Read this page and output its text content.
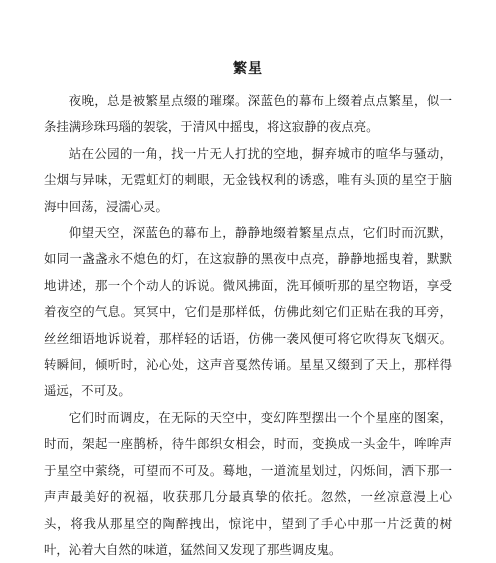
繁星

夜晚，总是被繁星点缀的璀璨。深蓝色的幕布上缀着点点繁星，似一条挂满珍珠玛瑙的袈裟，于清风中摇曳，将这寂静的夜点亮。

站在公园的一角，找一片无人打扰的空地，摒弃城市的喧华与骚动，尘烟与异味，无霓虹灯的刺眼，无金钱权利的诱惑，唯有头顶的星空于脑海中回荡，浸濡心灵。

仰望天空，深蓝色的幕布上，静静地缀着繁星点点，它们时而沉默，如同一盏盏永不熄色的灯，在这寂静的黑夜中点亮，静静地摇曳着，默默地讲述，那一个个动人的诉说。微风拂面，洗耳倾听那的星空物语，享受着夜空的气息。冥冥中，它们是那样低，仿佛此刻它们正贴在我的耳旁，丝丝细语地诉说着，那样轻的话语，仿佛一袭风便可将它吹得灰飞烟灭。转瞬间，倾听时，沁心处，这声音戛然传诵。星星又缀到了天上，那样得遥远，不可及。

它们时而调皮，在无际的天空中，变幻阵型摆出一个个星座的图案，时而，架起一座鹊桥，待牛郎织女相会，时而，变换成一头金牛，哞哞声于星空中萦绕，可望而不可及。蓦地，一道流星划过，闪烁间，洒下那一声声最美好的祝福，收获那几分最真挚的依托。忽然，一丝凉意漫上心头，将我从那星空的陶醉拽出，惊诧中，望到了手心中那一片泛黄的树叶，沁着大自然的味道，猛然间又发现了那些调皮鬼。
